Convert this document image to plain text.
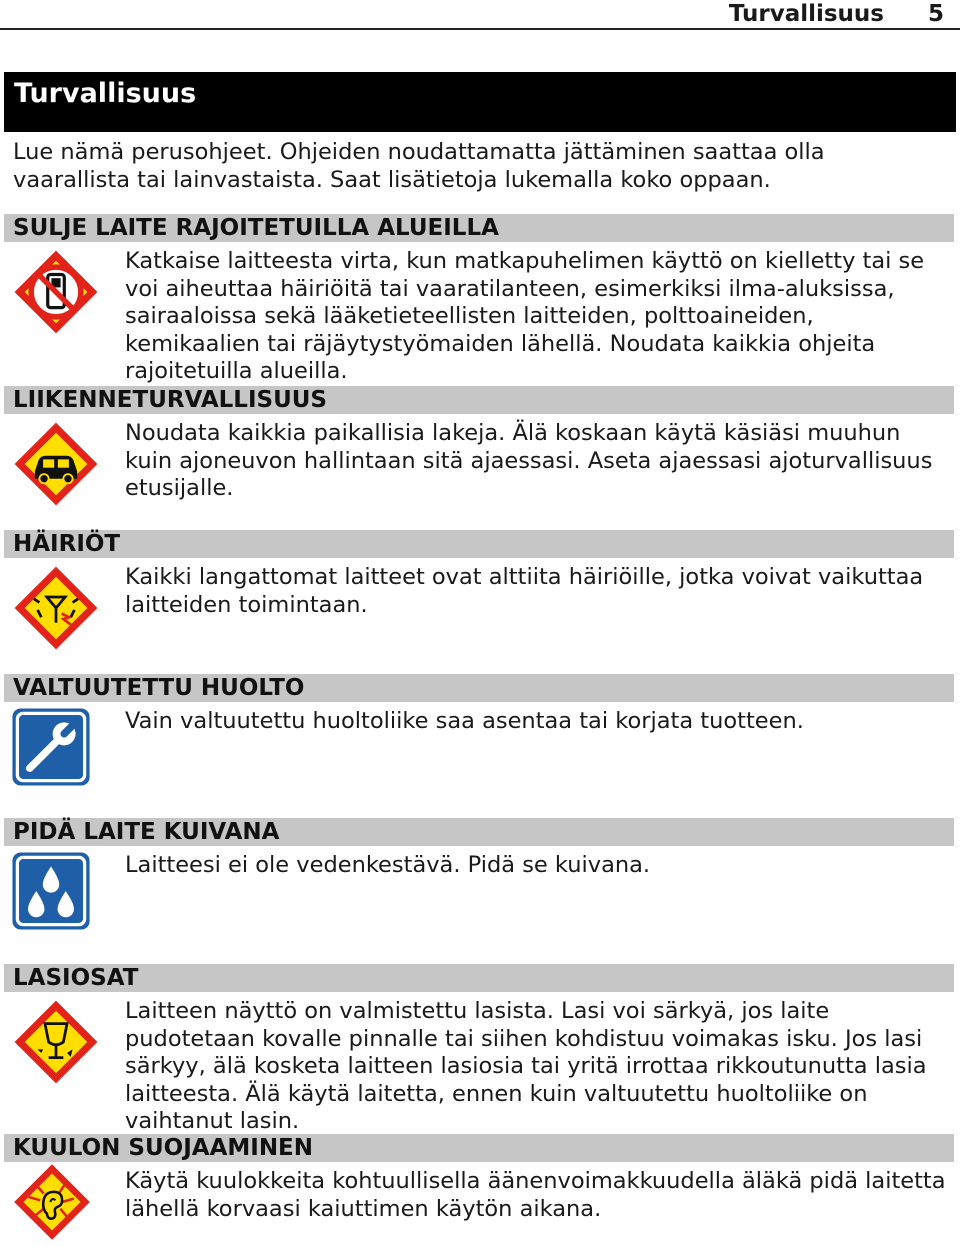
Turvallisuus 5
Turvallisuus
Lue nämä perusohjeet. Ohjeiden noudattamatta jättäminen saattaa olla vaarallista tai lainvastaista. Saat lisätietoja lukemalla koko oppaan.
SULJE LAITE RAJOITETUILLA ALUEILLA
Katkaise laitteesta virta, kun matkapuhelimen käyttö on kielletty tai se voi aiheuttaa häiriöitä tai vaaratilanteen, esimerkiksi ilma-aluksissa, sairaaloissa sekä lääketieteellisten laitteiden, polttoaineiden, kemikaalien tai räjäytystyömaiden lähellä. Noudata kaikkia ohjeita rajoitetuilla alueilla.
LIIKENNETURVALLISUUS
Noudata kaikkia paikallisia lakeja. Älä koskaan käytä käsiäsi muuhun kuin ajoneuvon hallintaan sitä ajaessasi. Aseta ajaessasi ajoturvallisuus etusijalle.
HÄIRIÖT
Kaikki langattomat laitteet ovat alttiita häiriöille, jotka voivat vaikuttaa laitteiden toimintaan.
VALTUUTETTU HUOLTO
Vain valtuutettu huoltoliike saa asentaa tai korjata tuotteen.
PIDÄ LAITE KUIVANA
Laitteesi ei ole vedenkestävä. Pidä se kuivana.
LASIOSAT
Laitteen näyttö on valmistettu lasista. Lasi voi särkyä, jos laite pudotetaan kovalle pinnalle tai siihen kohdistuu voimakas isku. Jos lasi särkyy, älä kosketa laitteen lasiosia tai yritä irrottaa rikkoutunutta lasia laitteesta. Älä käytä laitetta, ennen kuin valtuutettu huoltoliike on vaihtanut lasin.
KUULON SUOJAAMINEN
Käytä kuulokkeita kohtuullisella äänenvoimakkuudella äläkä pidä laitetta lähellä korvaasi kaiuttimen käytön aikana.
